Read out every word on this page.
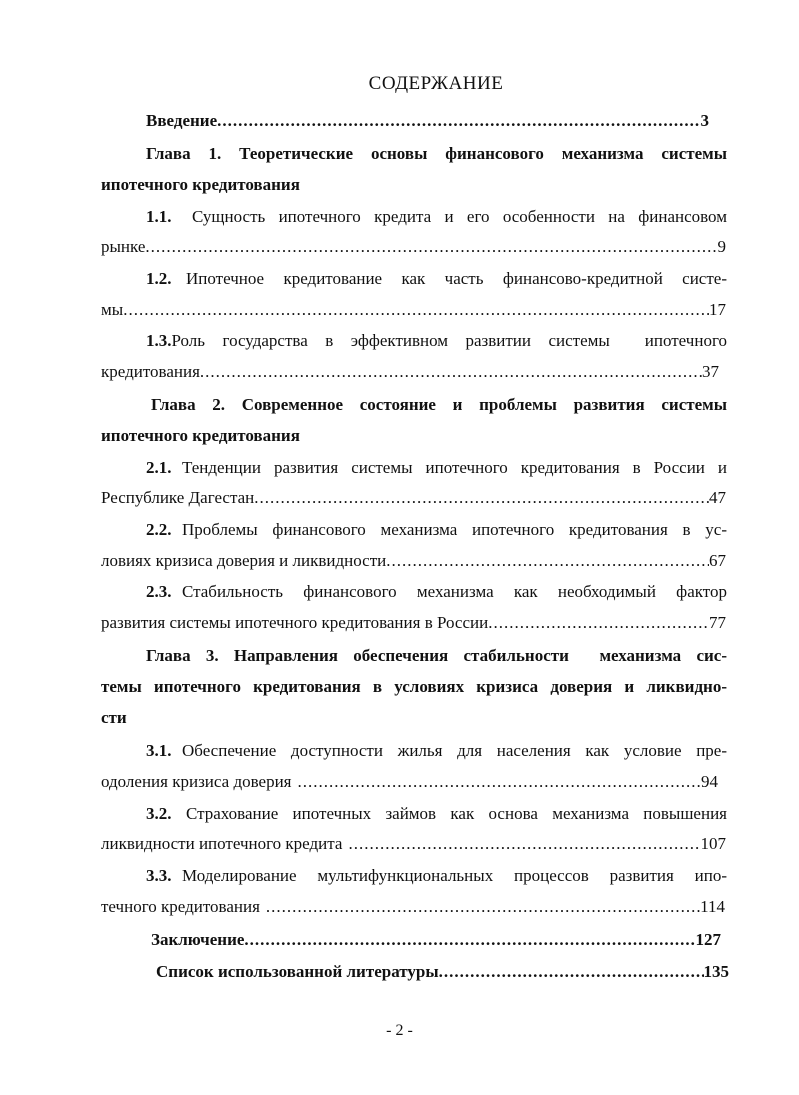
СОДЕРЖАНИЕ
Введение .....	3
Глава 1. Теоретические основы финансового механизма системы
ипотечного кредитования
1.1.	Сущность ипотечного кредита и его особенности на финансовом
рынке .....	9
1.2. Ипотечное кредитование как часть финансово-кредитной систе-
мы .....	17
1.3. Роль государства в эффективном развитии системы  ипотечного
кредитования .....	37
Глава 2. Современное состояние и проблемы развития системы
ипотечного кредитования
2.1. Тенденции развития системы ипотечного кредитования в России и
Республике Дагестан .....	47
2.2. Проблемы финансового механизма ипотечного кредитования в ус-
ловиях кризиса доверия и ликвидности .....	67
2.3. Стабильность финансового механизма как необходимый фактор
развития системы ипотечного кредитования в России .....	77
Глава 3. Направления обеспечения стабильности  механизма сис-
темы ипотечного кредитования в условиях кризиса доверия и ликвидно-
сти
3.1. Обеспечение доступности жилья для населения как условие пре-
одоления кризиса доверия .....	94
3.2. Страхование ипотечных займов как основа механизма повышения
ликвидности ипотечного кредита .....	107
3.3. Моделирование мультифункциональных процессов развития ипо-
течного кредитования .....	114
Заключение .....	127
Список использованной литературы .....	135
- 2 -
